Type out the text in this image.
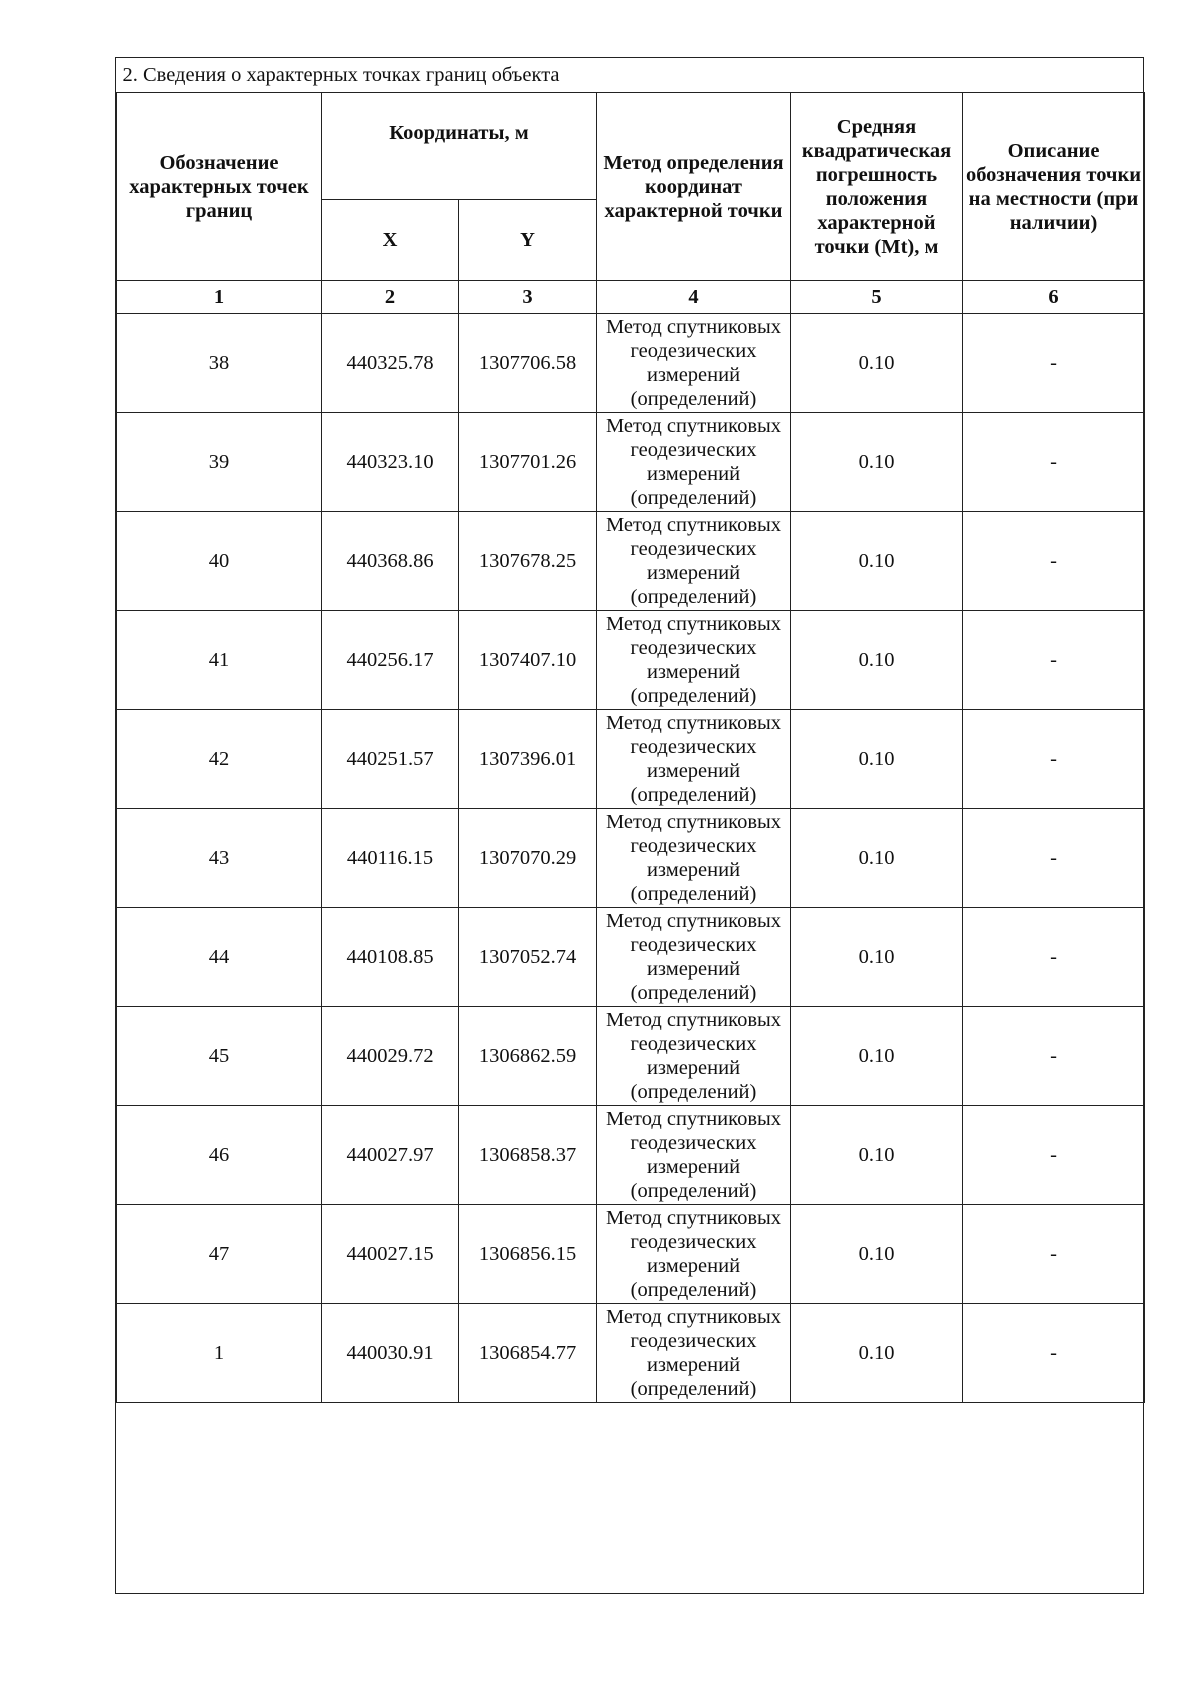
2. Сведения о характерных точках границ объекта					
Обозначение характерных точек границ	Координаты, м		Метод определения координат характерной точки	Средняя квадратическая погрешность положения характерной точки (Mt), м	Описание обозначения точки на местности (при наличии)
	X	Y			
1	2	3	4	5	6
38	440325.78	1307706.58	Метод спутниковых
геодезических
измерений
(определений)	0.10	-
39	440323.10	1307701.26	Метод спутниковых
геодезических
измерений
(определений)	0.10	-
40	440368.86	1307678.25	Метод спутниковых
геодезических
измерений
(определений)	0.10	-
41	440256.17	1307407.10	Метод спутниковых
геодезических
измерений
(определений)	0.10	-
42	440251.57	1307396.01	Метод спутниковых
геодезических
измерений
(определений)	0.10	-
43	440116.15	1307070.29	Метод спутниковых
геодезических
измерений
(определений)	0.10	-
44	440108.85	1307052.74	Метод спутниковых
геодезических
измерений
(определений)	0.10	-
45	440029.72	1306862.59	Метод спутниковых
геодезических
измерений
(определений)	0.10	-
46	440027.97	1306858.37	Метод спутниковых
геодезических
измерений
(определений)	0.10	-
47	440027.15	1306856.15	Метод спутниковых
геодезических
измерений
(определений)	0.10	-
1	440030.91	1306854.77	Метод спутниковых
геодезических
измерений
(определений)	0.10	-
